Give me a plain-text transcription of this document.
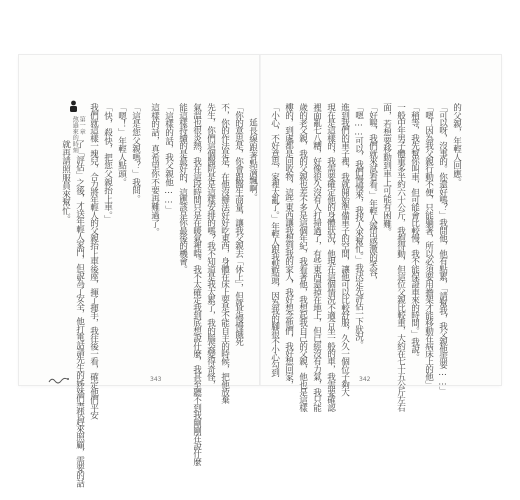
第一章
熬過來的時刻	延長線跟著點滴飄啊。
「你的意思是，你會跟醫生商量，讓我父親去「休上」，但就是慢慢餓死
不，你的作法是是，在他沒辦法好好吃東西，身體在床上要是不能自主的時候，把他放棄
先生，你們這個醫院是是這樣安排的嗎？我不知道是我太累了，我的腦袋變得奇怪，
氣溫也很炎熱，我在這段時間只是在暖氣裡喘。我不太確定我到底想說什麼，我甚至聽不到我剛剛在說什麼
能這樣持續的是最好的，這應該是你最後的機會。
「這樣的話，我父親他……」
這樣的話，真希望你不要再難過了。
「這是您父親嗎？」我問。
「嗯！」年輕人點頭。
「快，殺快，把您父親抬上車。」
我們就這樣一塊兒，合力將年輕人的父親抬上車後座，揮了揮手，我往後一看，確定他們平安
了「評估」之後，才送年輕人家門，但說為了安全，他打電話請先生的姊妹們盡快趕來照顧，需要的話
就再請照服員來幫忙。	的父親，年輕人回應。
「可以呀，沒事的。你還好嗎？」我問他，他有點累，「請幫我，我父親他需要……」
「嗯！因為我父親行動不便，只能躺著，所以必須要用擔架才能移動在病床上的他」
「稍等，我先幫你叫車，但可能會比較慢，我不能保證車來的時間。」我說。
一般中年男子體重多半約六十公斤，我抱得動，但這位父親比較重，大約在七十五公斤左右
面，若想要移動到車上可能有困難。
「好喔，我們就來試看看。」年輕人露出感激的笑容，
「嗯……可以，我們慢慢來，我找人來幫忙。」我決定先評估一下狀況。
進到我們的車子裡，我就開始準備車子的空間，讓他可以比較舒服，久久一個位子夠大
現在是這樣的，我需要確定他的身體狀況，他現在這個情況不適合坐一般的車，我需要確認
裡面亂七八糟，好像很久沒有人打掃過了，有些東西還掉在地上，但已經沒有力氣，我只能
歲的老父親，我的父親也差不多是這個年紀，我看著他，我想起我自己的父親，他也是這樣
樓的，到處都是回收物，這些東西讓我想到我的家人，我好想念他們，我好想回家，
「小心，不好意思，家裡太亂了。」年輕人跟我點點頭，因為我的腳很不小心勾到
343	342
